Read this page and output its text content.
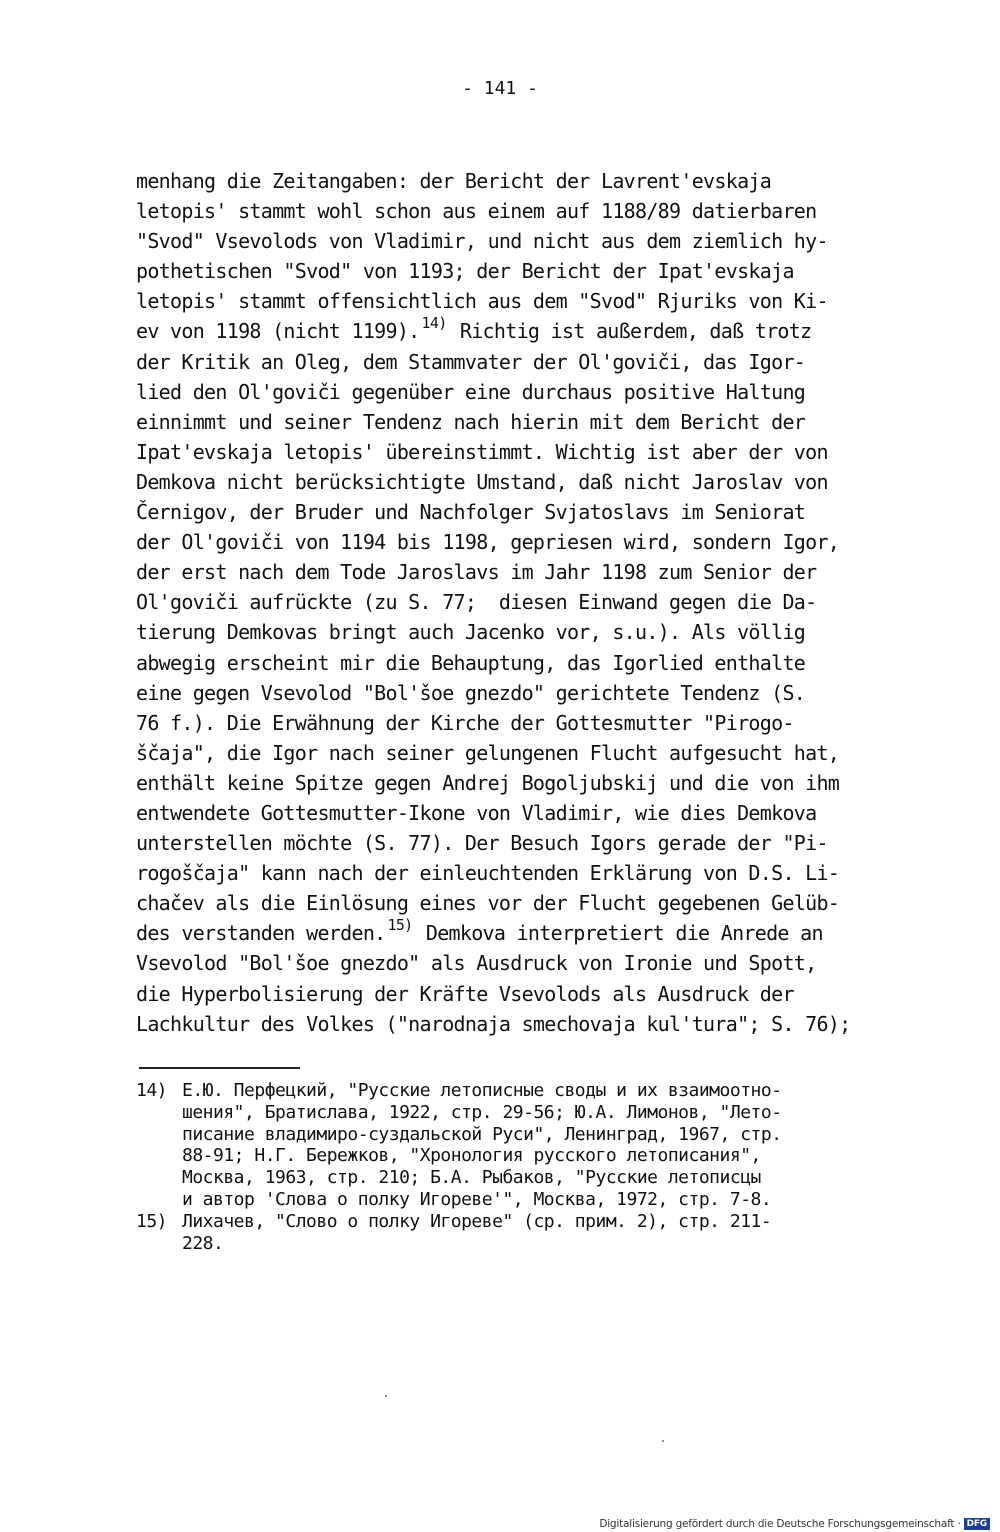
- 141 -
menhang die Zeitangaben: der Bericht der Lavrent'evskaja
letopis' stammt wohl schon aus einem auf 1188/89 datierbaren
"Svod" Vsevolods von Vladimir, und nicht aus dem ziemlich hy-
pothetischen "Svod" von 1193; der Bericht der Ipat'evskaja
letopis' stammt offensichtlich aus dem "Svod" Rjuriks von Ki-
ev von 1198 (nicht 1199). $^{14)}$ Richtig ist außerdem, daß trotz
der Kritik an Oleg, dem Stammvater der Ol'goviči, das Igor-
lied den Ol'goviči gegenüber eine durchaus positive Haltung
einnimmt und seiner Tendenz nach hierin mit dem Bericht der
Ipat'evskaja letopis' übereinstimmt. Wichtig ist aber der von
Demkova nicht berücksichtigte Umstand, daß nicht Jaroslav von
Černigov, der Bruder und Nachfolger Svjatoslavs im Seniorat
der Ol'goviči von 1194 bis 1198, gepriesen wird, sondern Igor,
der erst nach dem Tode Jaroslavs im Jahr 1198 zum Senior der
Ol'goviči aufrückte (zu S. 77;  diesen Einwand gegen die Da-
tierung Demkovas bringt auch Jacenko vor, s.u.). Als völlig
abwegig erscheint mir die Behauptung, das Igorlied enthalte
eine gegen Vsevolod "Bol'šoe gnezdo" gerichtete Tendenz (S.
76 f.). Die Erwähnung der Kirche der Gottesmutter "Pirogo-
ščaja", die Igor nach seiner gelungenen Flucht aufgesucht hat,
enthält keine Spitze gegen Andrej Bogoljubskij und die von ihm
entwendete Gottesmutter-Ikone von Vladimir, wie dies Demkova
unterstellen möchte (S. 77). Der Besuch Igors gerade der "Pi-
rogoščaja" kann nach der einleuchtenden Erklärung von D.S. Li-
chačev als die Einlösung eines vor der Flucht gegebenen Gelüb-
des verstanden werden. $^{15)}$ Demkova interpretiert die Anrede an
Vsevolod "Bol'šoe gnezdo" als Ausdruck von Ironie und Spott,
die Hyperbolisierung der Kräfte Vsevolods als Ausdruck der
Lachkultur des Volkes ("narodnaja smechovaja kul'tura"; S. 76);
14) Е.Ю. Перфецкий, "Русские летописные своды и их взаимоотно-
шения", Братислава, 1922, стр. 29-56; Ю.А. Лимонов, "Лето-
писание владимиро-суздальской Руси", Ленинград, 1967, стр.
88-91; Н.Г. Бережков, "Хронология русского летописания",
Москва, 1963, стр. 210; Б.А. Рыбаков, "Русские летописцы
и автор 'Слова о полку Игореве'", Москва, 1972, стр. 7-8.
15) Лихачев, "Слово о полку Игореве" (ср. прим. 2), стр. 211-
228.
Digitalisierung gefördert durch die Deutsche Forschungsgemeinschaft · DFG
